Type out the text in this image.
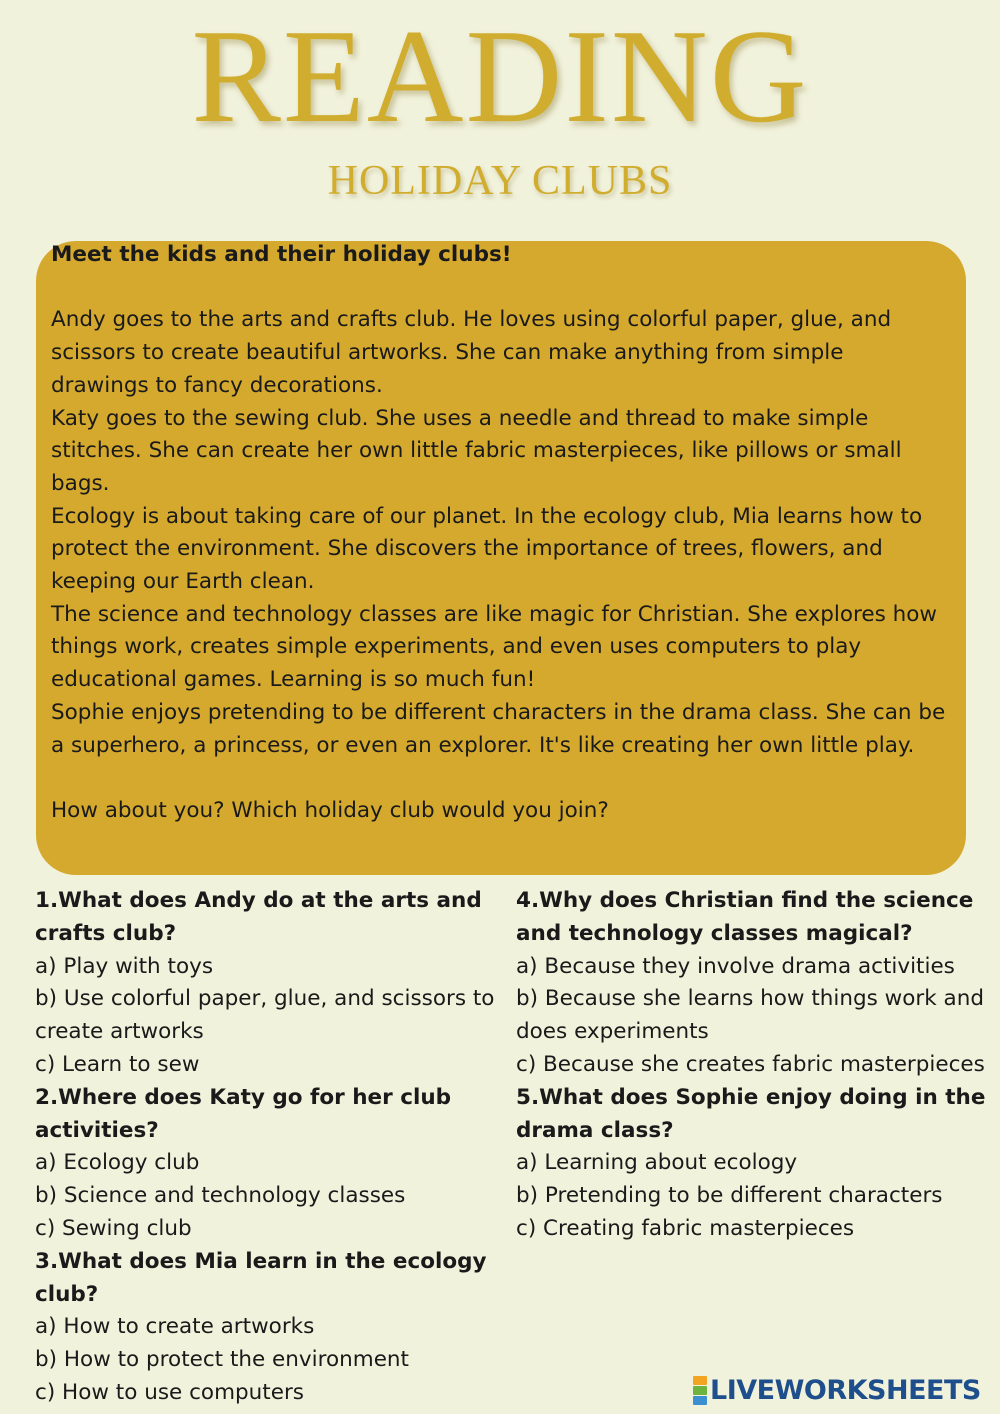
READING
HOLIDAY CLUBS

Meet the kids and their holiday clubs!

Andy goes to the arts and crafts club. He loves using colorful paper, glue, and scissors to create beautiful artworks. She can make anything from simple drawings to fancy decorations.

Katy goes to the sewing club. She uses a needle and thread to make simple stitches. She can create her own little fabric masterpieces, like pillows or small bags.

Ecology is about taking care of our planet. In the ecology club, Mia learns how to protect the environment. She discovers the importance of trees, flowers, and keeping our Earth clean.

The science and technology classes are like magic for Christian. She explores how things work, creates simple experiments, and even uses computers to play educational games. Learning is so much fun!

Sophie enjoys pretending to be different characters in the drama class. She can be a superhero, a princess, or even an explorer. It's like creating her own little play.

How about you? Which holiday club would you join?

1.What does Andy do at the arts and crafts club?
a) Play with toys
b) Use colorful paper, glue, and scissors to create artworks
c) Learn to sew
2.Where does Katy go for her club activities?
a) Ecology club
b) Science and technology classes
c) Sewing club
3.What does Mia learn in the ecology club?
a) How to create artworks
b) How to protect the environment
c) How to use computers
4.Why does Christian find the science and technology classes magical?
a) Because they involve drama activities
b) Because she learns how things work and does experiments
c) Because she creates fabric masterpieces
5.What does Sophie enjoy doing in the drama class?
a) Learning about ecology
b) Pretending to be different characters
c) Creating fabric masterpieces
LIVEWORKSHEETS
